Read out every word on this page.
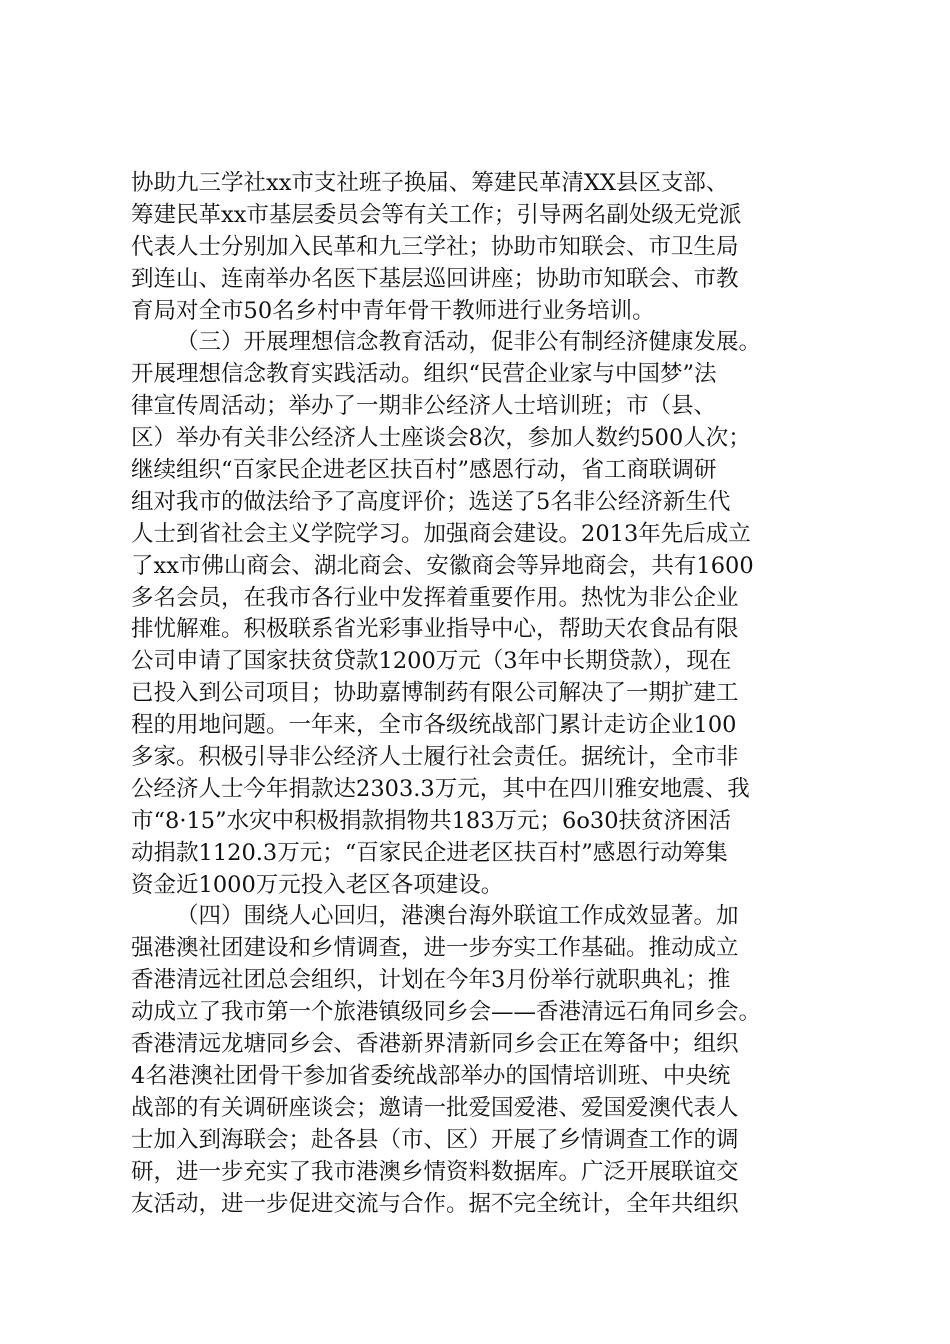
协助九三学社xx市支社班子换届、筹建民革清XX县区支部、
筹建民革xx市基层委员会等有关工作；引导两名副处级无党派
代表人士分别加入民革和九三学社；协助市知联会、市卫生局
到连山、连南举办名医下基层巡回讲座；协助市知联会、市教
育局对全市50名乡村中青年骨干教师进行业务培训。
（三）开展理想信念教育活动，促非公有制经济健康发展。
开展理想信念教育实践活动。组织“民营企业家与中国梦”法
律宣传周活动；举办了一期非公经济人士培训班；市（县、
区）举办有关非公经济人士座谈会8次，参加人数约500人次；
继续组织“百家民企进老区扶百村”感恩行动，省工商联调研
组对我市的做法给予了高度评价；选送了5名非公经济新生代
人士到省社会主义学院学习。加强商会建设。2013年先后成立
了xx市佛山商会、湖北商会、安徽商会等异地商会，共有1600
多名会员，在我市各行业中发挥着重要作用。热忱为非公企业
排忧解难。积极联系省光彩事业指导中心，帮助天农食品有限
公司申请了国家扶贫贷款1200万元（3年中长期贷款），现在
已投入到公司项目；协助嘉博制药有限公司解决了一期扩建工
程的用地问题。一年来，全市各级统战部门累计走访企业100
多家。积极引导非公经济人士履行社会责任。据统计，全市非
公经济人士今年捐款达2303.3万元，其中在四川雅安地震、我
市“8·15”水灾中积极捐款捐物共183万元；6o30扶贫济困活
动捐款1120.3万元；“百家民企进老区扶百村”感恩行动筹集
资金近1000万元投入老区各项建设。
（四）围绕人心回归，港澳台海外联谊工作成效显著。加
强港澳社团建设和乡情调查，进一步夯实工作基础。推动成立
香港清远社团总会组织，计划在今年3月份举行就职典礼；推
动成立了我市第一个旅港镇级同乡会——香港清远石角同乡会。
香港清远龙塘同乡会、香港新界清新同乡会正在筹备中；组织
4名港澳社团骨干参加省委统战部举办的国情培训班、中央统
战部的有关调研座谈会；邀请一批爱国爱港、爱国爱澳代表人
士加入到海联会；赴各县（市、区）开展了乡情调查工作的调
研，进一步充实了我市港澳乡情资料数据库。广泛开展联谊交
友活动，进一步促进交流与合作。据不完全统计，全年共组织
